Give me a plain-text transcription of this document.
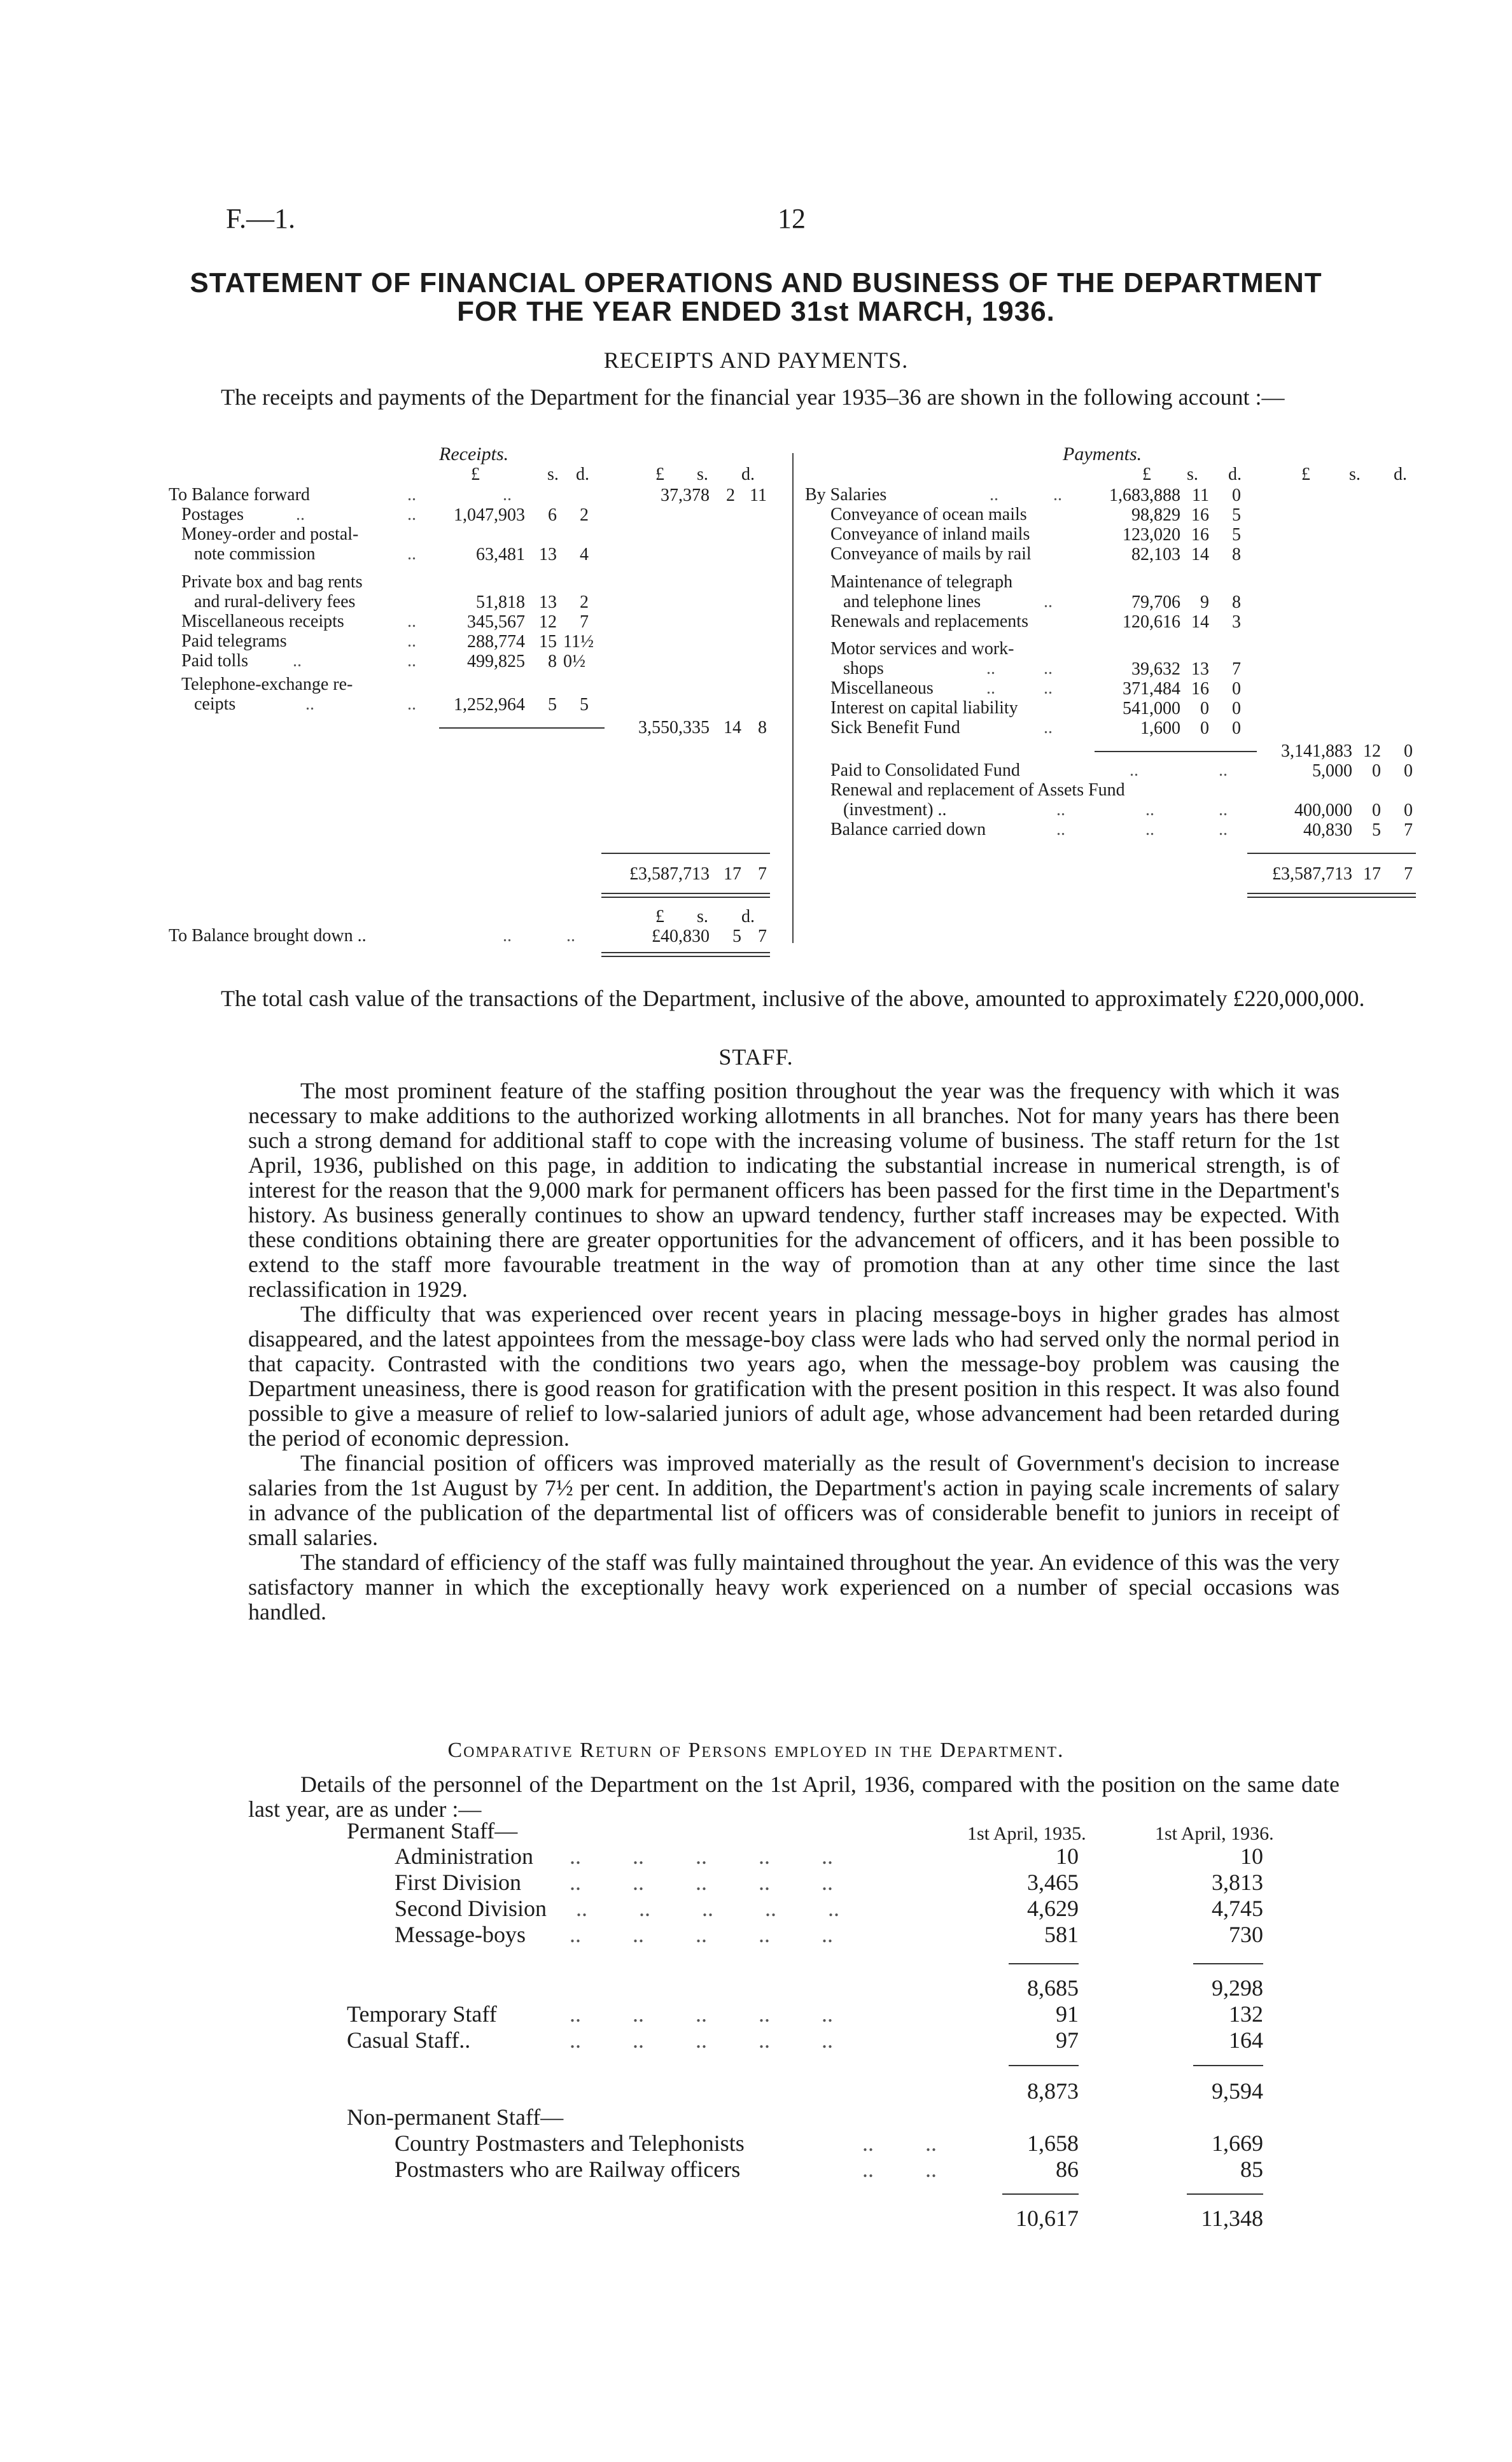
F.—1.	12
STATEMENT OF FINANCIAL OPERATIONS AND BUSINESS OF THE DEPARTMENT
FOR THE YEAR ENDED 31st MARCH, 1936.
RECEIPTS AND PAYMENTS.
The receipts and payments of the Department for the financial year 1935–36 are shown in the following account :—
Receipts.
£	s. d.	£ s. d.
To Balance forward	..	..	37,378 2 11
Postages	..	..	1,047,903	6	2
Money-order and postal-
note commission	..	63,481 13	4
Private box and bag rents
and rural-delivery fees	51,818 13	2
Miscellaneous receipts	..	345,567 12	7
Paid telegrams	..	288,774 15 11½
Paid tolls ..	..	499,825	8 0½
Telephone-exchange re-
ceipts	..	..	1,252,964	5	5
3,550,335 14 8
£3,587,713 17 7
Payments.
£ s. d.	£ s. d.
By Salaries	..	..	1,683,888 11	0
Conveyance of ocean mails	98,829 16	5
Conveyance of inland mails	123,020 16	5
Conveyance of mails by rail	82,103 14	8
Maintenance of telegraph
and telephone lines	..	79,706	9	8
Renewals and replacements	120,616 14	3
Motor services and work-
shops	..	..	39,632 13	7
Miscellaneous	..	..	371,484 16	0
Interest on capital liability	541,000	0	0
Sick Benefit Fund	..	1,600	0	0
3,141,883 12	0
Paid to Consolidated Fund	..	..	5,000	0	0
Renewal and replacement of Assets Fund
(investment) ..	..	..	..	400,000	0	0
Balance carried down	..	..	..	40,830	5	7
£3,587,713 17	7
£ s. d.
To Balance brought down ..	..	..	£40,830	5 7
The total cash value of the transactions of the Department, inclusive of the above, amounted to approximately £220,000,000.
STAFF.

The most prominent feature of the staffing position throughout the year was the frequency with which it was necessary to make additions to the authorized working allotments in all branches. Not for many years has there been such a strong demand for additional staff to cope with the increasing volume of business. The staff return for the 1st April, 1936, published on this page, in addition to indicating the substantial increase in numerical strength, is of interest for the reason that the 9,000 mark for permanent officers has been passed for the first time in the Department's history. As business generally continues to show an upward tendency, further staff increases may be expected. With these conditions obtaining there are greater opportunities for the advancement of officers, and it has been possible to extend to the staff more favourable treatment in the way of promotion than at any other time since the last reclassification in 1929.

The difficulty that was experienced over recent years in placing message-boys in higher grades has almost disappeared, and the latest appointees from the message-boy class were lads who had served only the normal period in that capacity. Contrasted with the conditions two years ago, when the message-boy problem was causing the Department uneasiness, there is good reason for gratification with the present position in this respect. It was also found possible to give a measure of relief to low-salaried juniors of adult age, whose advancement had been retarded during the period of economic depression.

The financial position of officers was improved materially as the result of Government's decision to increase salaries from the 1st August by 7½ per cent. In addition, the Department's action in paying scale increments of salary in advance of the publication of the departmental list of officers was of considerable benefit to juniors in receipt of small salaries.

The standard of efficiency of the staff was fully maintained throughout the year. An evidence of this was the very satisfactory manner in which the exceptionally heavy work experienced on a number of special occasions was handled.

Comparative Return of Persons employed in the Department.
Details of the personnel of the Department on the 1st April, 1936, compared with the position on the same date last year, are as under :—
1st April, 1935.	1st April, 1936.
Permanent Staff—
Administration ..         ..         ..         ..         ..	10	10
First Division ..         ..         ..         ..         ..	3,465	3,813
Second Division ..         ..         ..         ..         ..	4,629	4,745
Message-boys ..         ..         ..         ..         ..	581	730
8,685	9,298
Temporary Staff	..         ..         ..         ..         ..	91	132
Casual Staff..	..         ..         ..         ..         ..	97	164
8,873	9,594
Non-permanent Staff—
Country Postmasters and Telephonists	..         ..	1,658	1,669
Postmasters who are Railway officers	..         ..	86	85
10,617	11,348
